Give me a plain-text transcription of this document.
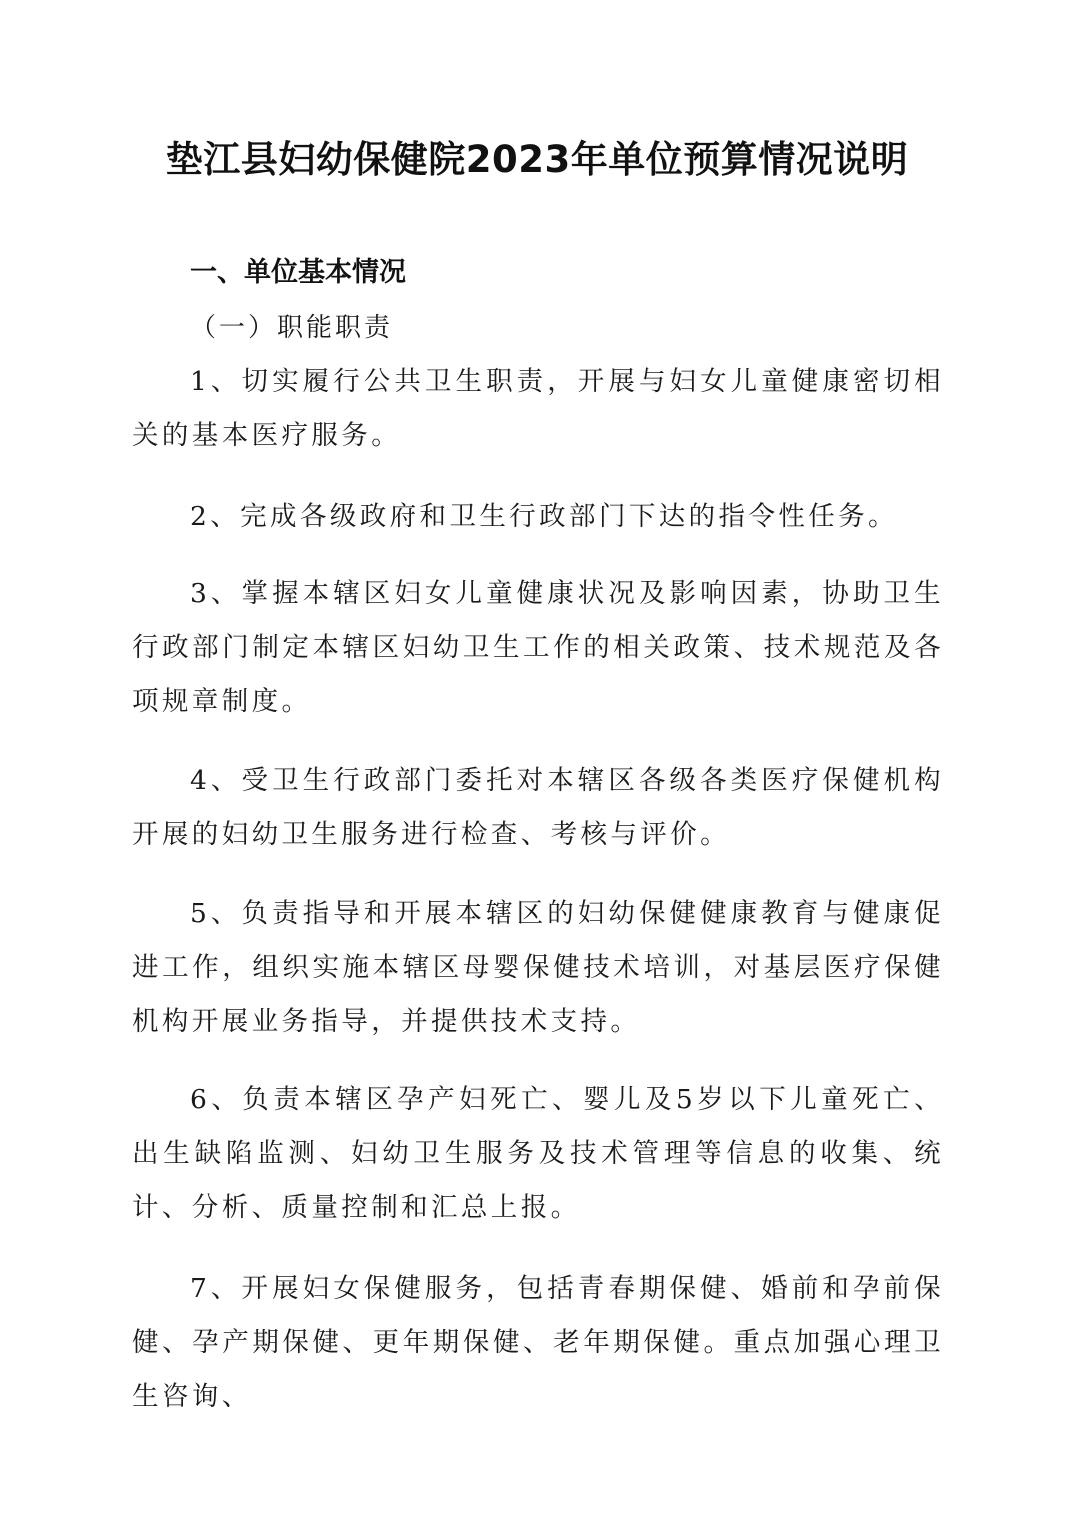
垫江县妇幼保健院2023年单位预算情况说明
一、单位基本情况
（一）职能职责
1、切实履行公共卫生职责，开展与妇女儿童健康密切相关的基本医疗服务。
2、完成各级政府和卫生行政部门下达的指令性任务。
3、掌握本辖区妇女儿童健康状况及影响因素，协助卫生行政部门制定本辖区妇幼卫生工作的相关政策、技术规范及各项规章制度。
4、受卫生行政部门委托对本辖区各级各类医疗保健机构开展的妇幼卫生服务进行检查、考核与评价。
5、负责指导和开展本辖区的妇幼保健健康教育与健康促进工作，组织实施本辖区母婴保健技术培训，对基层医疗保健机构开展业务指导，并提供技术支持。
6、负责本辖区孕产妇死亡、婴儿及5岁以下儿童死亡、出生缺陷监测、妇幼卫生服务及技术管理等信息的收集、统计、分析、质量控制和汇总上报。
7、开展妇女保健服务，包括青春期保健、婚前和孕前保健、孕产期保健、更年期保健、老年期保健。重点加强心理卫生咨询、
